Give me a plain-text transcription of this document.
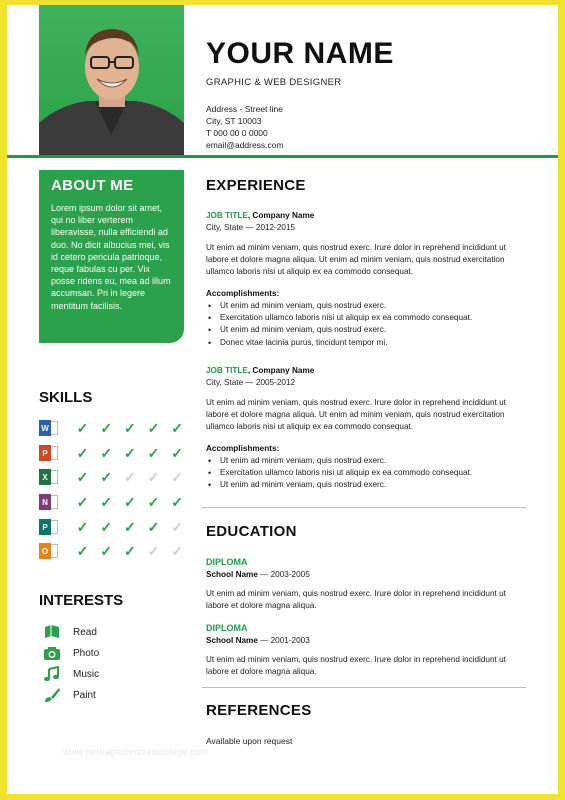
ABOUT ME
Lorem ipsum dolor sit amet, qui no liber verterem liberavisse, nulla efficiendi ad duo. No dicit albucius mei, vis id cetero pericula patrioque, reque fabulas cu per. Vix posse ridens eu, mea ad illum accumsan. Pri in legere mentitum facilisis.
SKILLS
W	✓ ✓ ✓ ✓ ✓
P	✓ ✓ ✓ ✓ ✓
X	✓ ✓ ✓ ✓ ✓
N	✓ ✓ ✓ ✓ ✓
P	✓ ✓ ✓ ✓ ✓
O	✓ ✓ ✓ ✓ ✓
INTERESTS
Read
Photo
Music
Paint
www.heritagechristiancollege.com
YOUR NAME
GRAPHIC & WEB DESIGNER
Address - Street line
City, ST 10003
T 000 00 0 0000
email@address.com
EXPERIENCE
JOB TITLE, Company Name
City, State — 2012-2015
Ut enim ad minim veniam, quis nostrud exerc. Irure dolor in reprehend incididunt ut labore et dolore magna aliqua. Ut enim ad minim veniam, quis nostrud exercitation ullamco laboris nisi ut aliquip ex ea commodo consequat.
Accomplishments:
• Ut enim ad minim veniam, quis nostrud exerc.
• Exercitation ullamco laboris nisi ut aliquip ex ea commodo consequat.
• Ut enim ad minim veniam, quis nostrud exerc.
• Donec vitae lacinia purus, tincidunt tempor mi.
JOB TITLE, Company Name
City, State — 2005-2012
Ut enim ad minim veniam, quis nostrud exerc. Irure dolor in reprehend incididunt ut labore et dolore magna aliqua. Ut enim ad minim veniam, quis nostrud exercitation ullamco laboris nisi ut aliquip ex ea commodo consequat.
Accomplishments:
• Ut enim ad minim veniam, quis nostrud exerc.
• Exercitation ullamco laboris nisi ut aliquip ex ea commodo consequat.
• Ut enim ad minim veniam, quis nostrud exerc.
EDUCATION
DIPLOMA
School Name — 2003-2005
Ut enim ad minim veniam, quis nostrud exerc. Irure dolor in reprehend incididunt ut labore et dolore magna aliqua.
DIPLOMA
School Name — 2001-2003
Ut enim ad minim veniam, quis nostrud exerc. Irure dolor in reprehend incididunt ut labore et dolore magna aliqua.
REFERENCES
Available upon request
